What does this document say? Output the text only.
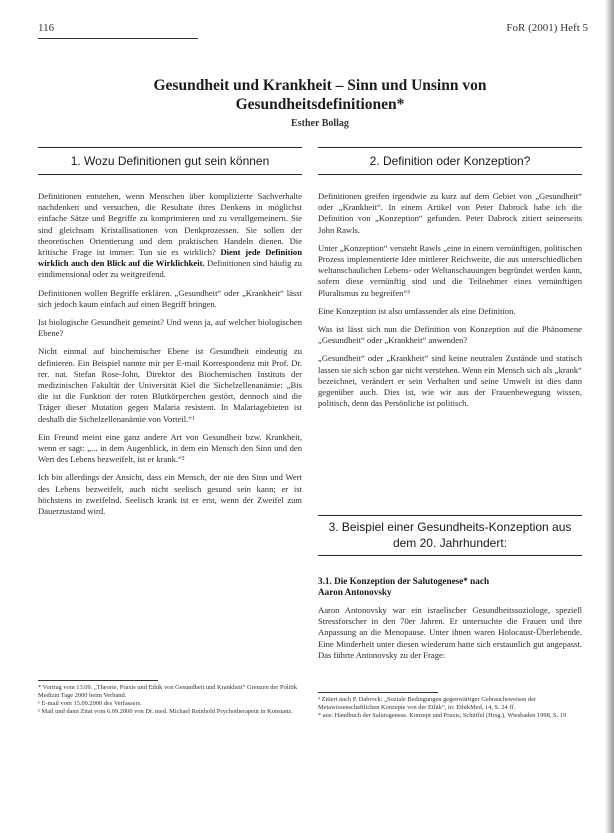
116	FoR (2001) Heft 5
Gesundheit und Krankheit – Sinn und Unsinn von
Gesundheitsdefinitionen*
Esther Bollag
1. Wozu Definitionen gut sein können

Definitionen entstehen, wenn Menschen über komplizierte Sachverhalte nachdenken und versuchen, die Resultate ihres Denkens in möglichst einfache Sätze und Begriffe zu komprimieren und zu verallgemeinern. Sie sind gleichsam Kristallisationen von Denkprozessen. Sie sollen der theoretischen Orientierung und dem praktischen Handeln dienen. Die kritische Frage ist immer: Tun sie es wirklich? Dient jede Definition wirklich auch den Blick auf die Wirklichkeit. Definitionen sind häufig zu eindimensional oder zu weitgreifend.

Definitionen wollen Begriffe erklären. „Gesundheit“ oder „Krankheit“ lässt sich jedoch kaum einfach auf einen Begriff bringen.

Ist biologische Gesundheit gemeint? Und wenn ja, auf welcher biologischen Ebene?

Nicht einmal auf biochemischer Ebene ist Gesundheit eindeutig zu definieren. Ein Beispiel nannte mir per E-mail Korrespondenz mit Prof. Dr. rer. nat. Stefan Rose-John, Direktor des Biochemischen Instituts der medizinischen Fakultät der Universität Kiel die Sichelzellenanämie: „Bis die ist die Funktion der roten Blutkörperchen gestört, dennoch sind die Träger dieser Mutation gegen Malaria resistent. In Malariagebieten ist deshalb die Sichelzellenanämie von Vorteil.“¹

Ein Freund meint eine ganz andere Art von Gesundheit bzw. Krankheit, wenn er sagt: „... in dem Augenblick, in dem ein Mensch den Sinn und den Wert des Lebens bezweifelt, ist er krank.“²

Ich bin allerdings der Ansicht, dass ein Mensch, der nie den Sinn und Wert des Lebens bezweifelt, auch nicht seelisch gesund sein kann; er ist höchstens in zweifelnd. Seelisch krank ist er erst, wenn der Zweifel zum Dauerzustand wird.

* Vortrag vom 13.09. „Theorie, Praxis und Ethik von Gesundheit und Krankheit“ Grenzen der Politik Medizin Tage 2000 beim Verband.
¹ E-mail vom 15.09.2000 des Verfassers.
² Mail und dann Zitat vom 6.09.2000 von Dr. med. Michael Reinhold Psychotherapeut in Konstanz.
2. Definition oder Konzeption?

Definitionen greifen irgendwie zu kurz auf dem Gebiet von „Gesundheit“ oder „Krankheit“. In einem Artikel von Peter Dabrock habe ich die Definition von „Konzeption“ gefunden. Peter Dabrock zitiert seinerseits John Rawls.

Unter „Konzeption“ versteht Rawls „eine in einem vernünftigen, politischen Prozess implementierte Idee mittlerer Reichweite, die aus unterschiedlichen weltanschaulichen Lebens- oder Weltanschauungen begründet werden kann, sofern diese vernünftig sind und die Teilnehmer eines vernünftigen Pluralismus zu begreifen“³

Eine Konzeption ist also umfassender als eine Definition.

Was ist lässt sich nun die Definition von Konzeption auf die Phänomene „Gesundheit“ oder „Krankheit“ anwenden?

„Gesundheit“ oder „Krankheit“ sind keine neutralen Zustände und statisch lassen sie sich schon gar nicht verstehen. Wenn ein Mensch sich als „krank“ bezeichnet, verändert er sein Verhalten und seine Umwelt ist dies dann gegenüber auch. Dies ist, wie wir aus der Frauenbewegung wissen, politisch, denn das Persönliche ist politisch.

3. Beispiel einer Gesundheits-Konzeption aus
dem 20. Jahrhundert:
3.1. Die Konzeption der Salutogenese* nach
Aaron Antonovsky

Aaron Antonovsky war ein israelischer Gesundheitssoziologe, speziell Stressforscher in den 70er Jahren. Er untersuchte die Frauen und ihre Anpassung an die Menopause. Unter ihnen waren Holocaust-Überlebende. Eine Minderheit unter diesen wiederum hatte sich erstaunlich gut angepasst. Das führte Antonovsky zu der Frage:

³ Zitiert nach P. Dabrock: „Soziale Bedingungen gegenwärtiger Gebrauchsweisen der Metawissenschaftlichen Konzepte von der Ethik“, in: EthikMed, 14, S. 24 ff.
* aus: Handbuch der Salutogenese. Konzept und Praxis, Schüffel (Hrsg.), Wiesbaden 1998, S. 19
